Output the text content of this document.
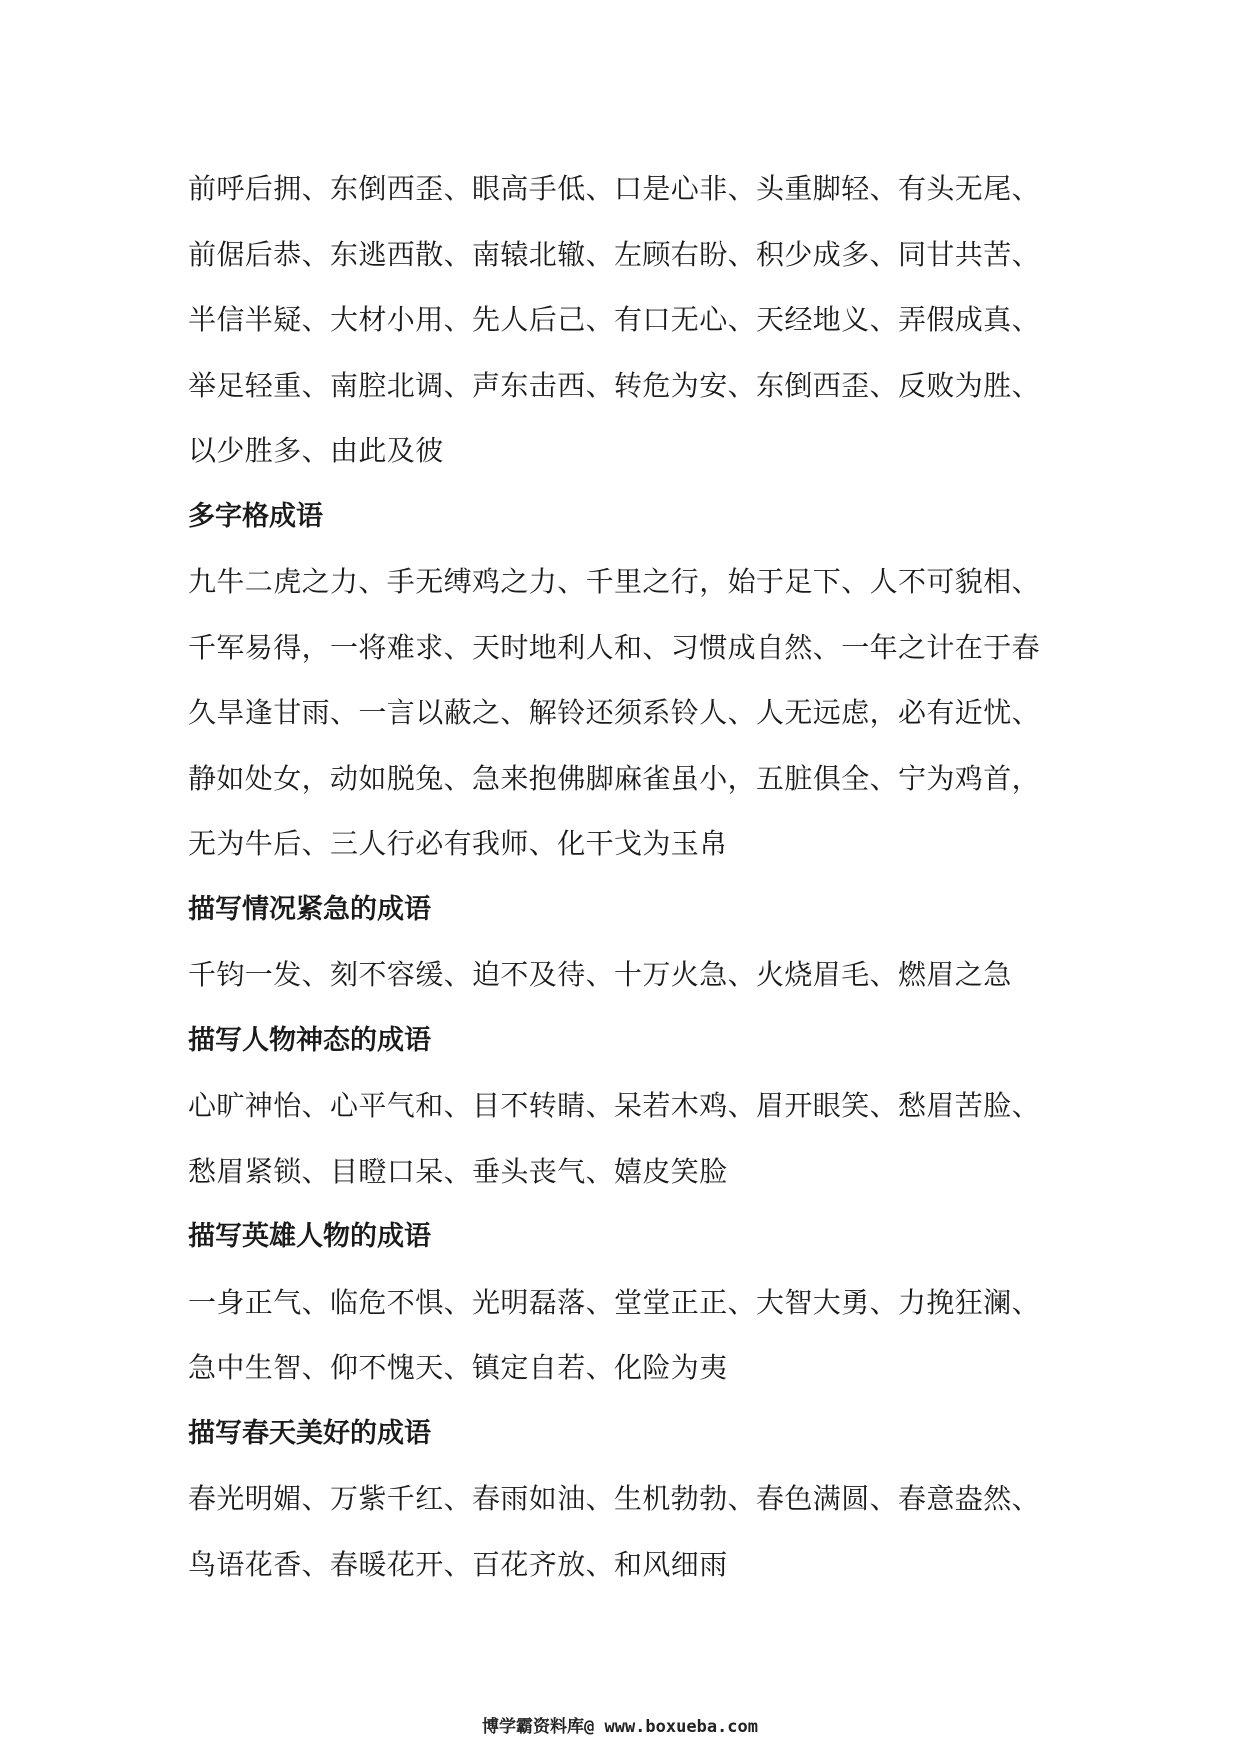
前呼后拥、东倒西歪、眼高手低、口是心非、头重脚轻、有头无尾、
前倨后恭、东逃西散、南辕北辙、左顾右盼、积少成多、同甘共苦、
半信半疑、大材小用、先人后己、有口无心、天经地义、弄假成真、
举足轻重、南腔北调、声东击西、转危为安、东倒西歪、反败为胜、
以少胜多、由此及彼
多字格成语
九牛二虎之力、手无缚鸡之力、千里之行，始于足下、人不可貌相、
千军易得，一将难求、天时地利人和、习惯成自然、一年之计在于春
久旱逢甘雨、一言以蔽之、解铃还须系铃人、人无远虑，必有近忧、
静如处女，动如脱兔、急来抱佛脚麻雀虽小，五脏俱全、宁为鸡首，
无为牛后、三人行必有我师、化干戈为玉帛
描写情况紧急的成语
千钧一发、刻不容缓、迫不及待、十万火急、火烧眉毛、燃眉之急
描写人物神态的成语
心旷神怡、心平气和、目不转睛、呆若木鸡、眉开眼笑、愁眉苦脸、
愁眉紧锁、目瞪口呆、垂头丧气、嬉皮笑脸
描写英雄人物的成语
一身正气、临危不惧、光明磊落、堂堂正正、大智大勇、力挽狂澜、
急中生智、仰不愧天、镇定自若、化险为夷
描写春天美好的成语
春光明媚、万紫千红、春雨如油、生机勃勃、春色满圆、春意盎然、
鸟语花香、春暖花开、百花齐放、和风细雨
博学霸资料库@ www.boxueba.com
